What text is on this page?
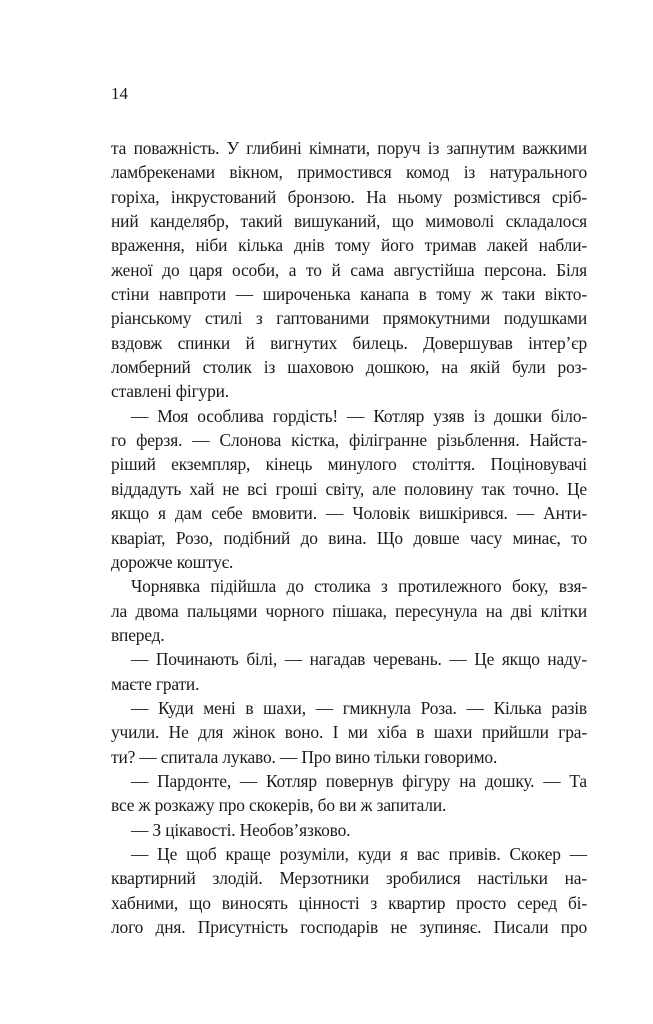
14
та поважність. У глибині кімнати, поруч із запнутим важкими
ламбрекенами вікном, примостився комод із натурального
горіха, інкрустований бронзою. На ньому розмістився сріб-
ний канделябр, такий вишуканий, що мимоволі складалося
враження, ніби кілька днів тому його тримав лакей набли-
женої до царя особи, а то й сама августійша персона. Біля
стіни навпроти — широченька канапа в тому ж таки вікто-
ріанському стилі з гаптованими прямокутними подушками
вздовж спинки й вигнутих билець. Довершував інтер’єр
ломберний столик із шаховою дошкою, на якій були роз-
ставлені фігури.
— Моя особлива гордість! — Котляр узяв із дошки біло-
го ферзя. — Слонова кістка, філігранне різьблення. Найста-
ріший екземпляр, кінець минулого століття. Поціновувачі
віддадуть хай не всі гроші світу, але половину так точно. Це
якщо я дам себе вмовити. — Чоловік вишкірився. — Анти-
кваріат, Розо, подібний до вина. Що довше часу минає, то
дорожче коштує.
Чорнявка підійшла до столика з протилежного боку, взя-
ла двома пальцями чорного пішака, пересунула на дві клітки
вперед.
— Починають білі, — нагадав черевань. — Це якщо наду-
маєте грати.
— Куди мені в шахи, — гмикнула Роза. — Кілька разів
учили. Не для жінок воно. І ми хіба в шахи прийшли гра-
ти? — спитала лукаво. — Про вино тільки говоримо.
— Пардонте, — Котляр повернув фігуру на дошку. — Та
все ж розкажу про скокерів, бо ви ж запитали.
— З цікавості. Необов’язково.
— Це щоб краще розуміли, куди я вас привів. Скокер —
квартирний злодій. Мерзотники зробилися настільки на-
хабними, що виносять цінності з квартир просто серед бі-
лого дня. Присутність господарів не зупиняє. Писали про
